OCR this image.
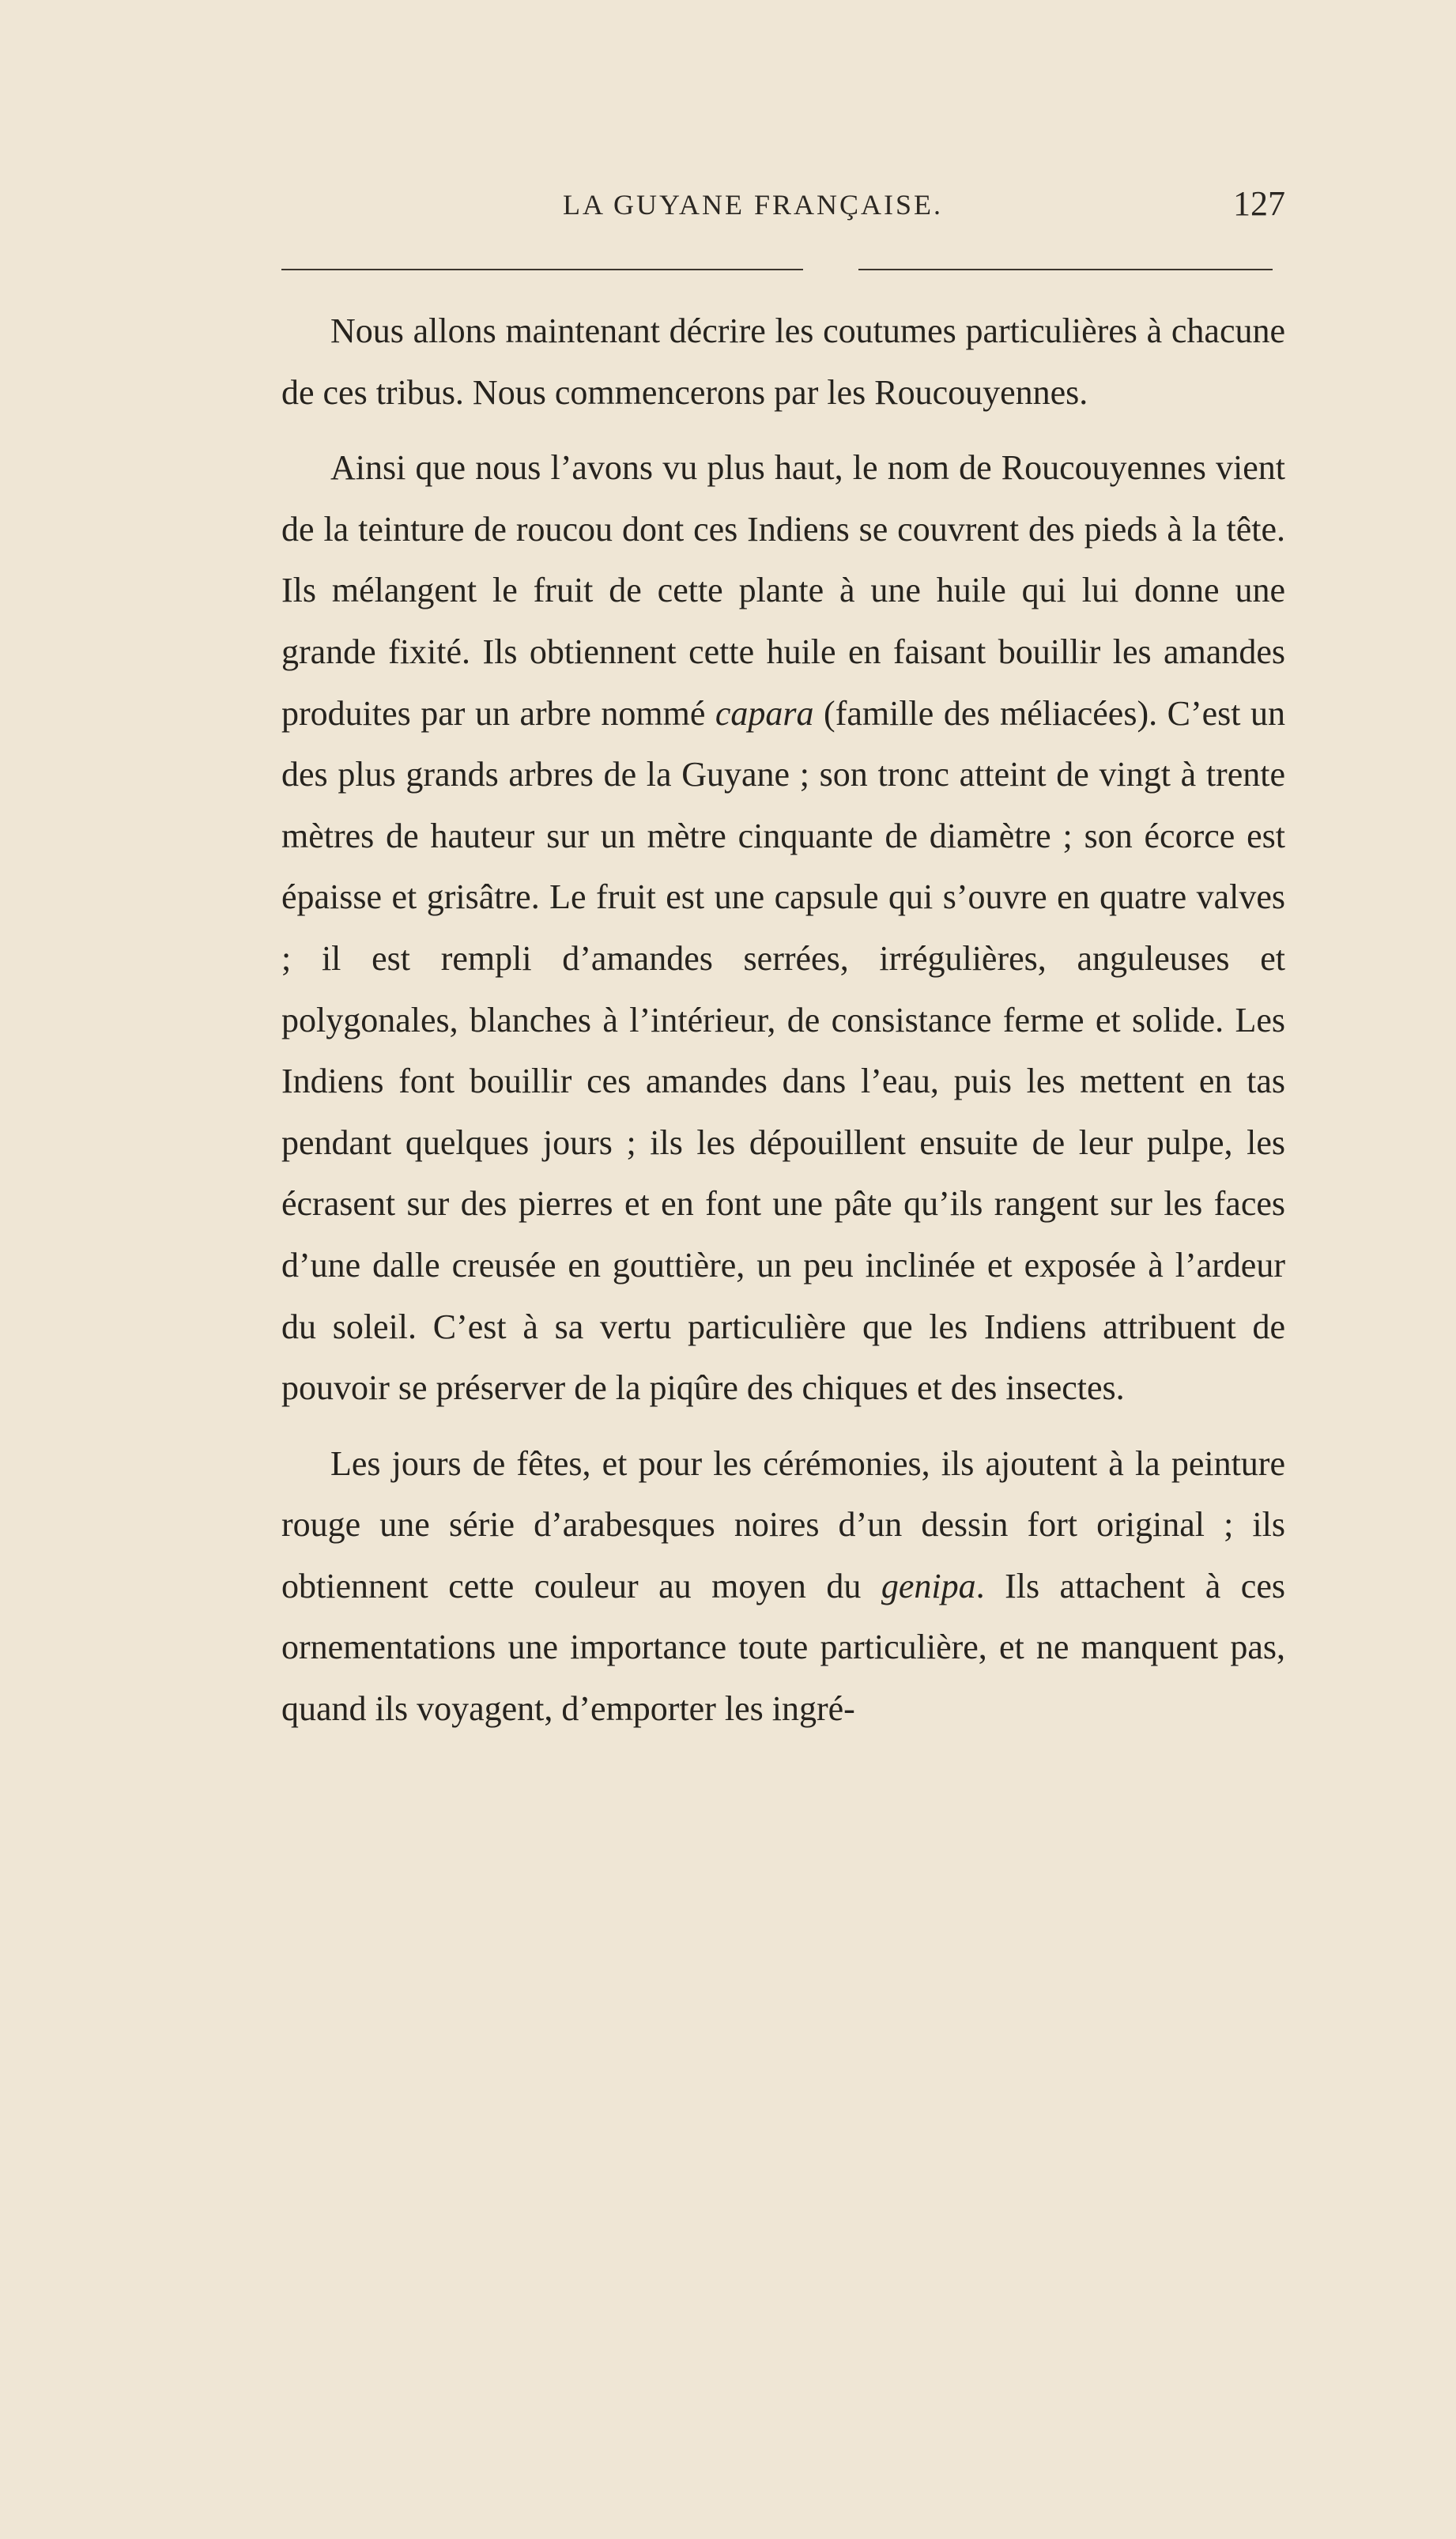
LA GUYANE FRANÇAISE.	127

Nous allons maintenant décrire les coutumes particulières à chacune de ces tribus. Nous commencerons par les Roucouyennes.

Ainsi que nous l’avons vu plus haut, le nom de Roucouyennes vient de la teinture de roucou dont ces Indiens se couvrent des pieds à la tête. Ils mélangent le fruit de cette plante à une huile qui lui donne une grande fixité. Ils obtiennent cette huile en faisant bouillir les amandes produites par un arbre nommé capara (famille des méliacées). C’est un des plus grands arbres de la Guyane ; son tronc atteint de vingt à trente mètres de hauteur sur un mètre cinquante de diamètre ; son écorce est épaisse et grisâtre. Le fruit est une capsule qui s’ouvre en quatre valves ; il est rempli d’amandes serrées, irrégulières, anguleuses et polygonales, blanches à l’intérieur, de consistance ferme et solide. Les Indiens font bouillir ces amandes dans l’eau, puis les mettent en tas pendant quelques jours ; ils les dépouillent ensuite de leur pulpe, les écrasent sur des pierres et en font une pâte qu’ils rangent sur les faces d’une dalle creusée en gouttière, un peu inclinée et exposée à l’ardeur du soleil. C’est à sa vertu particulière que les Indiens attribuent de pouvoir se préserver de la piqûre des chiques et des insectes.

Les jours de fêtes, et pour les cérémonies, ils ajoutent à la peinture rouge une série d’arabesques noires d’un dessin fort original ; ils obtiennent cette couleur au moyen du genipa. Ils attachent à ces ornementations une importance toute particulière, et ne manquent pas, quand ils voyagent, d’emporter les ingré-
